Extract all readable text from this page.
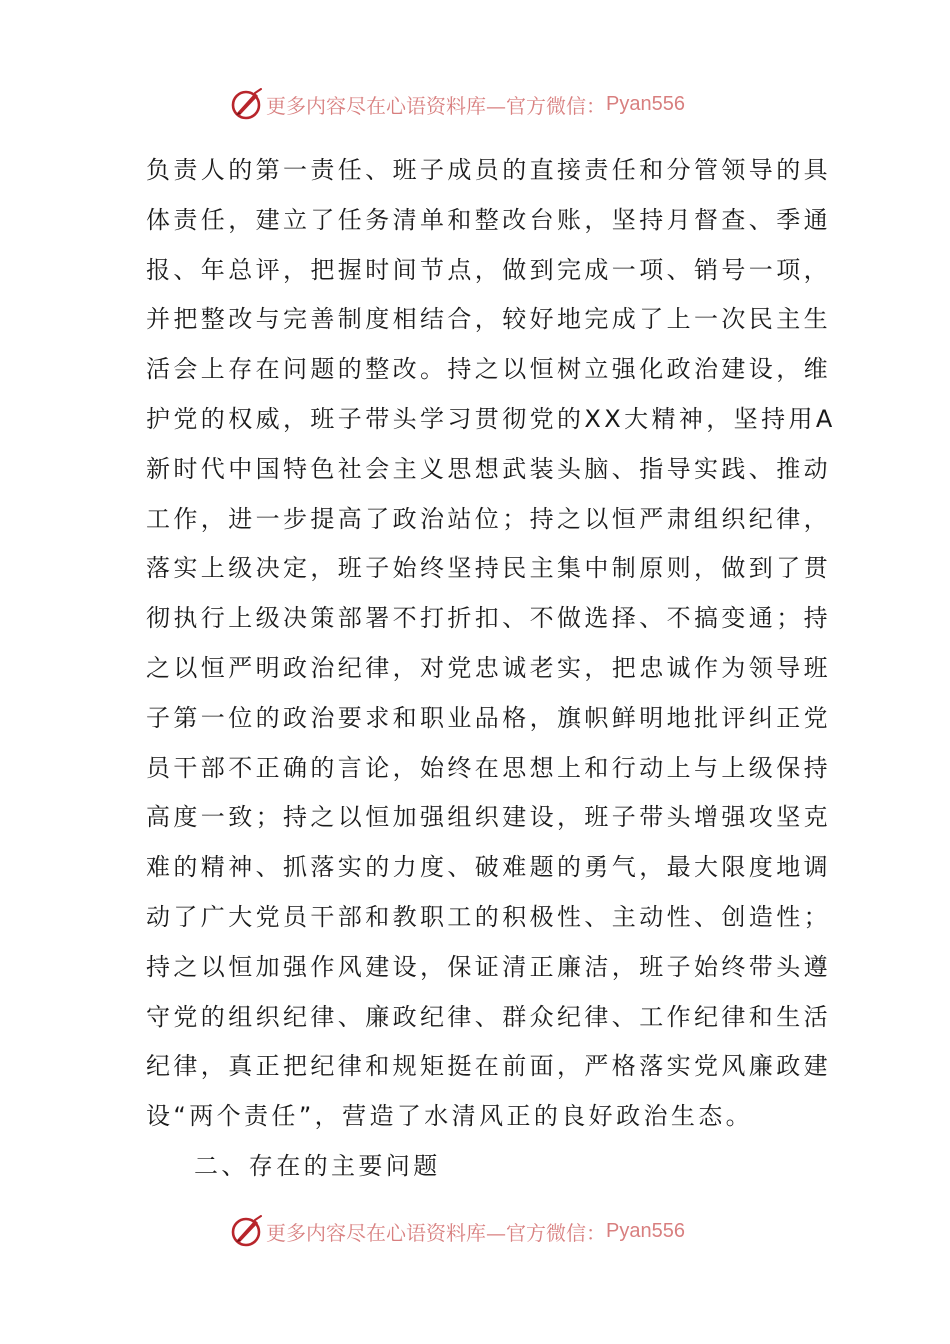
更多内容尽在心语资料库—官方微信： Pyan556
负责人的第一责任、班子成员的直接责任和分管领导的具
体责任，建立了任务清单和整改台账，坚持月督查、季通
报、年总评，把握时间节点，做到完成一项、销号一项，
并把整改与完善制度相结合，较好地完成了上一次民主生
活会上存在问题的整改。持之以恒树立强化政治建设，维
护党的权威，班子带头学习贯彻党的XX大精神，坚持用A
新时代中国特色社会主义思想武装头脑、指导实践、推动
工作，进一步提高了政治站位；持之以恒严肃组织纪律，
落实上级决定，班子始终坚持民主集中制原则，做到了贯
彻执行上级决策部署不打折扣、不做选择、不搞变通；持
之以恒严明政治纪律，对党忠诚老实，把忠诚作为领导班
子第一位的政治要求和职业品格，旗帜鲜明地批评纠正党
员干部不正确的言论，始终在思想上和行动上与上级保持
高度一致；持之以恒加强组织建设，班子带头增强攻坚克
难的精神、抓落实的力度、破难题的勇气，最大限度地调
动了广大党员干部和教职工的积极性、主动性、创造性；
持之以恒加强作风建设，保证清正廉洁，班子始终带头遵
守党的组织纪律、廉政纪律、群众纪律、工作纪律和生活
纪律，真正把纪律和规矩挺在前面，严格落实党风廉政建
设“两个责任”，营造了水清风正的良好政治生态。
二、存在的主要问题
更多内容尽在心语资料库—官方微信： Pyan556
